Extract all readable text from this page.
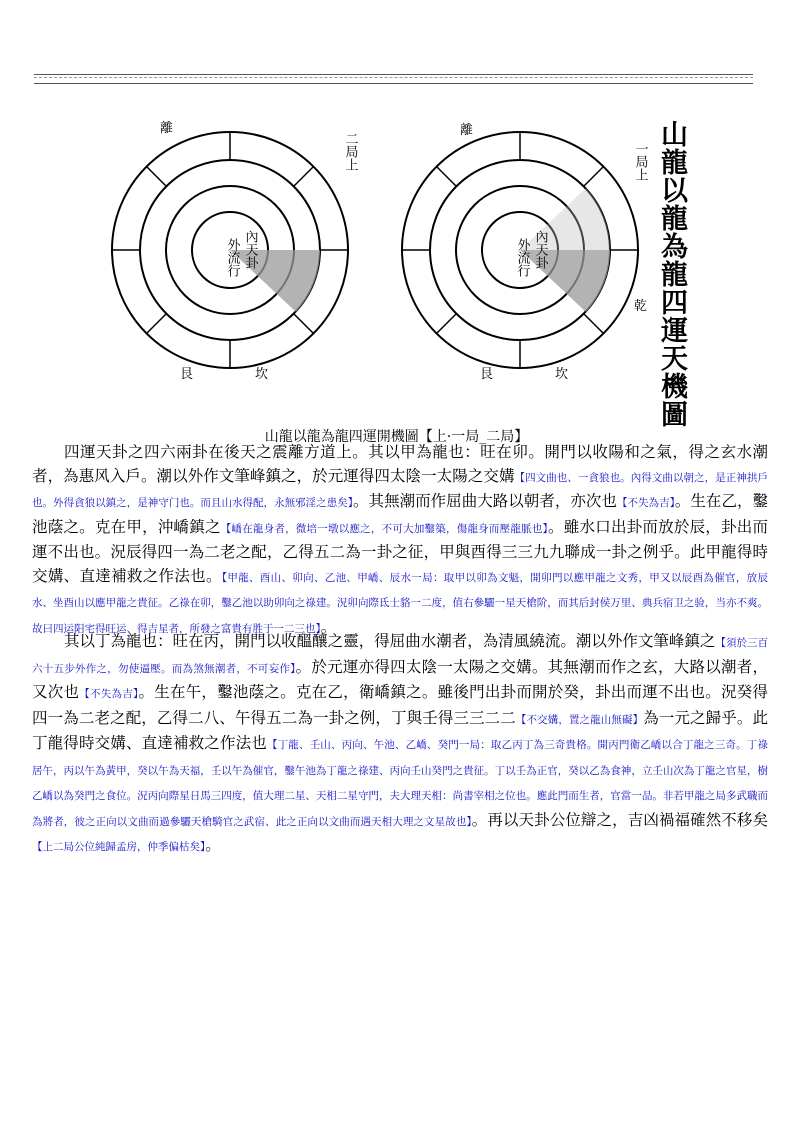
內天卦
外流行
二局上
坎
艮
離
內天卦
外流行
一局上
坎
艮
離
乾 山龍以龍為龍四運天機圖
山龍以龍為龍四運開機圖【上·一局_二局】

四運天卦之四六兩卦在後天之震離方道上。其以甲為龍也：旺在卯。開門以收陽和之氣，得之玄水潮者，為惠风入戶。潮以外作文筆峰鎮之，於元運得四太陰一太陽之交媾【四文曲也、一貪狼也。內得文曲以朝之，是正神拱戶也。外得貪狼以鎮之，是神守门也。而且山水得配，永無邪淫之患矣】。其無潮而作屈曲大路以朝者，亦次也【不失為吉】。生在乙，鑿池蔭之。克在甲，沖嶠鎮之【嶠在龍身者，微培一墩以應之，不可大加鑿築，傷龍身而壓龍脈也】。雖水口出卦而放於辰，卦出而運不出也。況辰得四一為二老之配，乙得五二為一卦之征，甲與酉得三三九九聯成一卦之例乎。此甲龍得時交媾、直達補救之作法也。【甲龍、酉山、卯向、乙池、甲嶠、辰水一局：取甲以卯為文魁，開卯門以應甲龍之文秀，甲又以辰酉為催官，放辰水、坐酉山以應甲龍之貴征。乙祿在卯，鑿乙池以助卯向之祿建。況卯向際氐士貉一二度，值右參驪一星天槍阶，而其后封侯万里、典兵宿卫之验，当亦不爽。故曰四运阳宅得旺运、得吉星者，所發之富貴有胜于一二三也】。

其以丁為龍也：旺在丙，開門以收醞釀之靈，得屈曲水潮者，為清風繞流。潮以外作文筆峰鎮之【須於三百六十五步外作之，勿使逼壓。而為煞無潮者，不可妄作】。於元運亦得四太陰一太陽之交媾。其無潮而作之玄，大路以潮者，又次也【不失為吉】。生在午，鑿池蔭之。克在乙，衛嶠鎮之。雖後門出卦而開於癸，卦出而運不出也。況癸得四一為二老之配，乙得二八、午得五二為一卦之例，丁與壬得三三二二【不交媾，置之龍山無礙】為一元之歸乎。此丁龍得時交媾、直達補救之作法也【丁龍、壬山、丙向、午池、乙嶠、癸門一局：取乙丙丁為三奇貴格。開丙門衛乙嶠以合丁龍之三奇。丁祿居午，丙以午為黃甲，癸以午為天福，壬以午為催官，鑿午池為丁龍之祿建、丙向壬山癸門之貴征。丁以壬為正官，癸以乙為食神，立壬山次為丁龍之官星，樹乙嶠以為癸門之食位。況丙向際星日馬三四度，值大理二星、天相二星守門，夫大理天相：尚書宰相之位也。應此門而生者，官當一品。非若甲龍之局多武職而為將者，彼之正向以文曲而過參驪天槍騎官之武宿、此之正向以文曲而遇天相大理之文星故也】。再以天卦公位辯之，吉凶禍福確然不移矣【上二局公位純歸孟房，仲季偏枯矣】。
